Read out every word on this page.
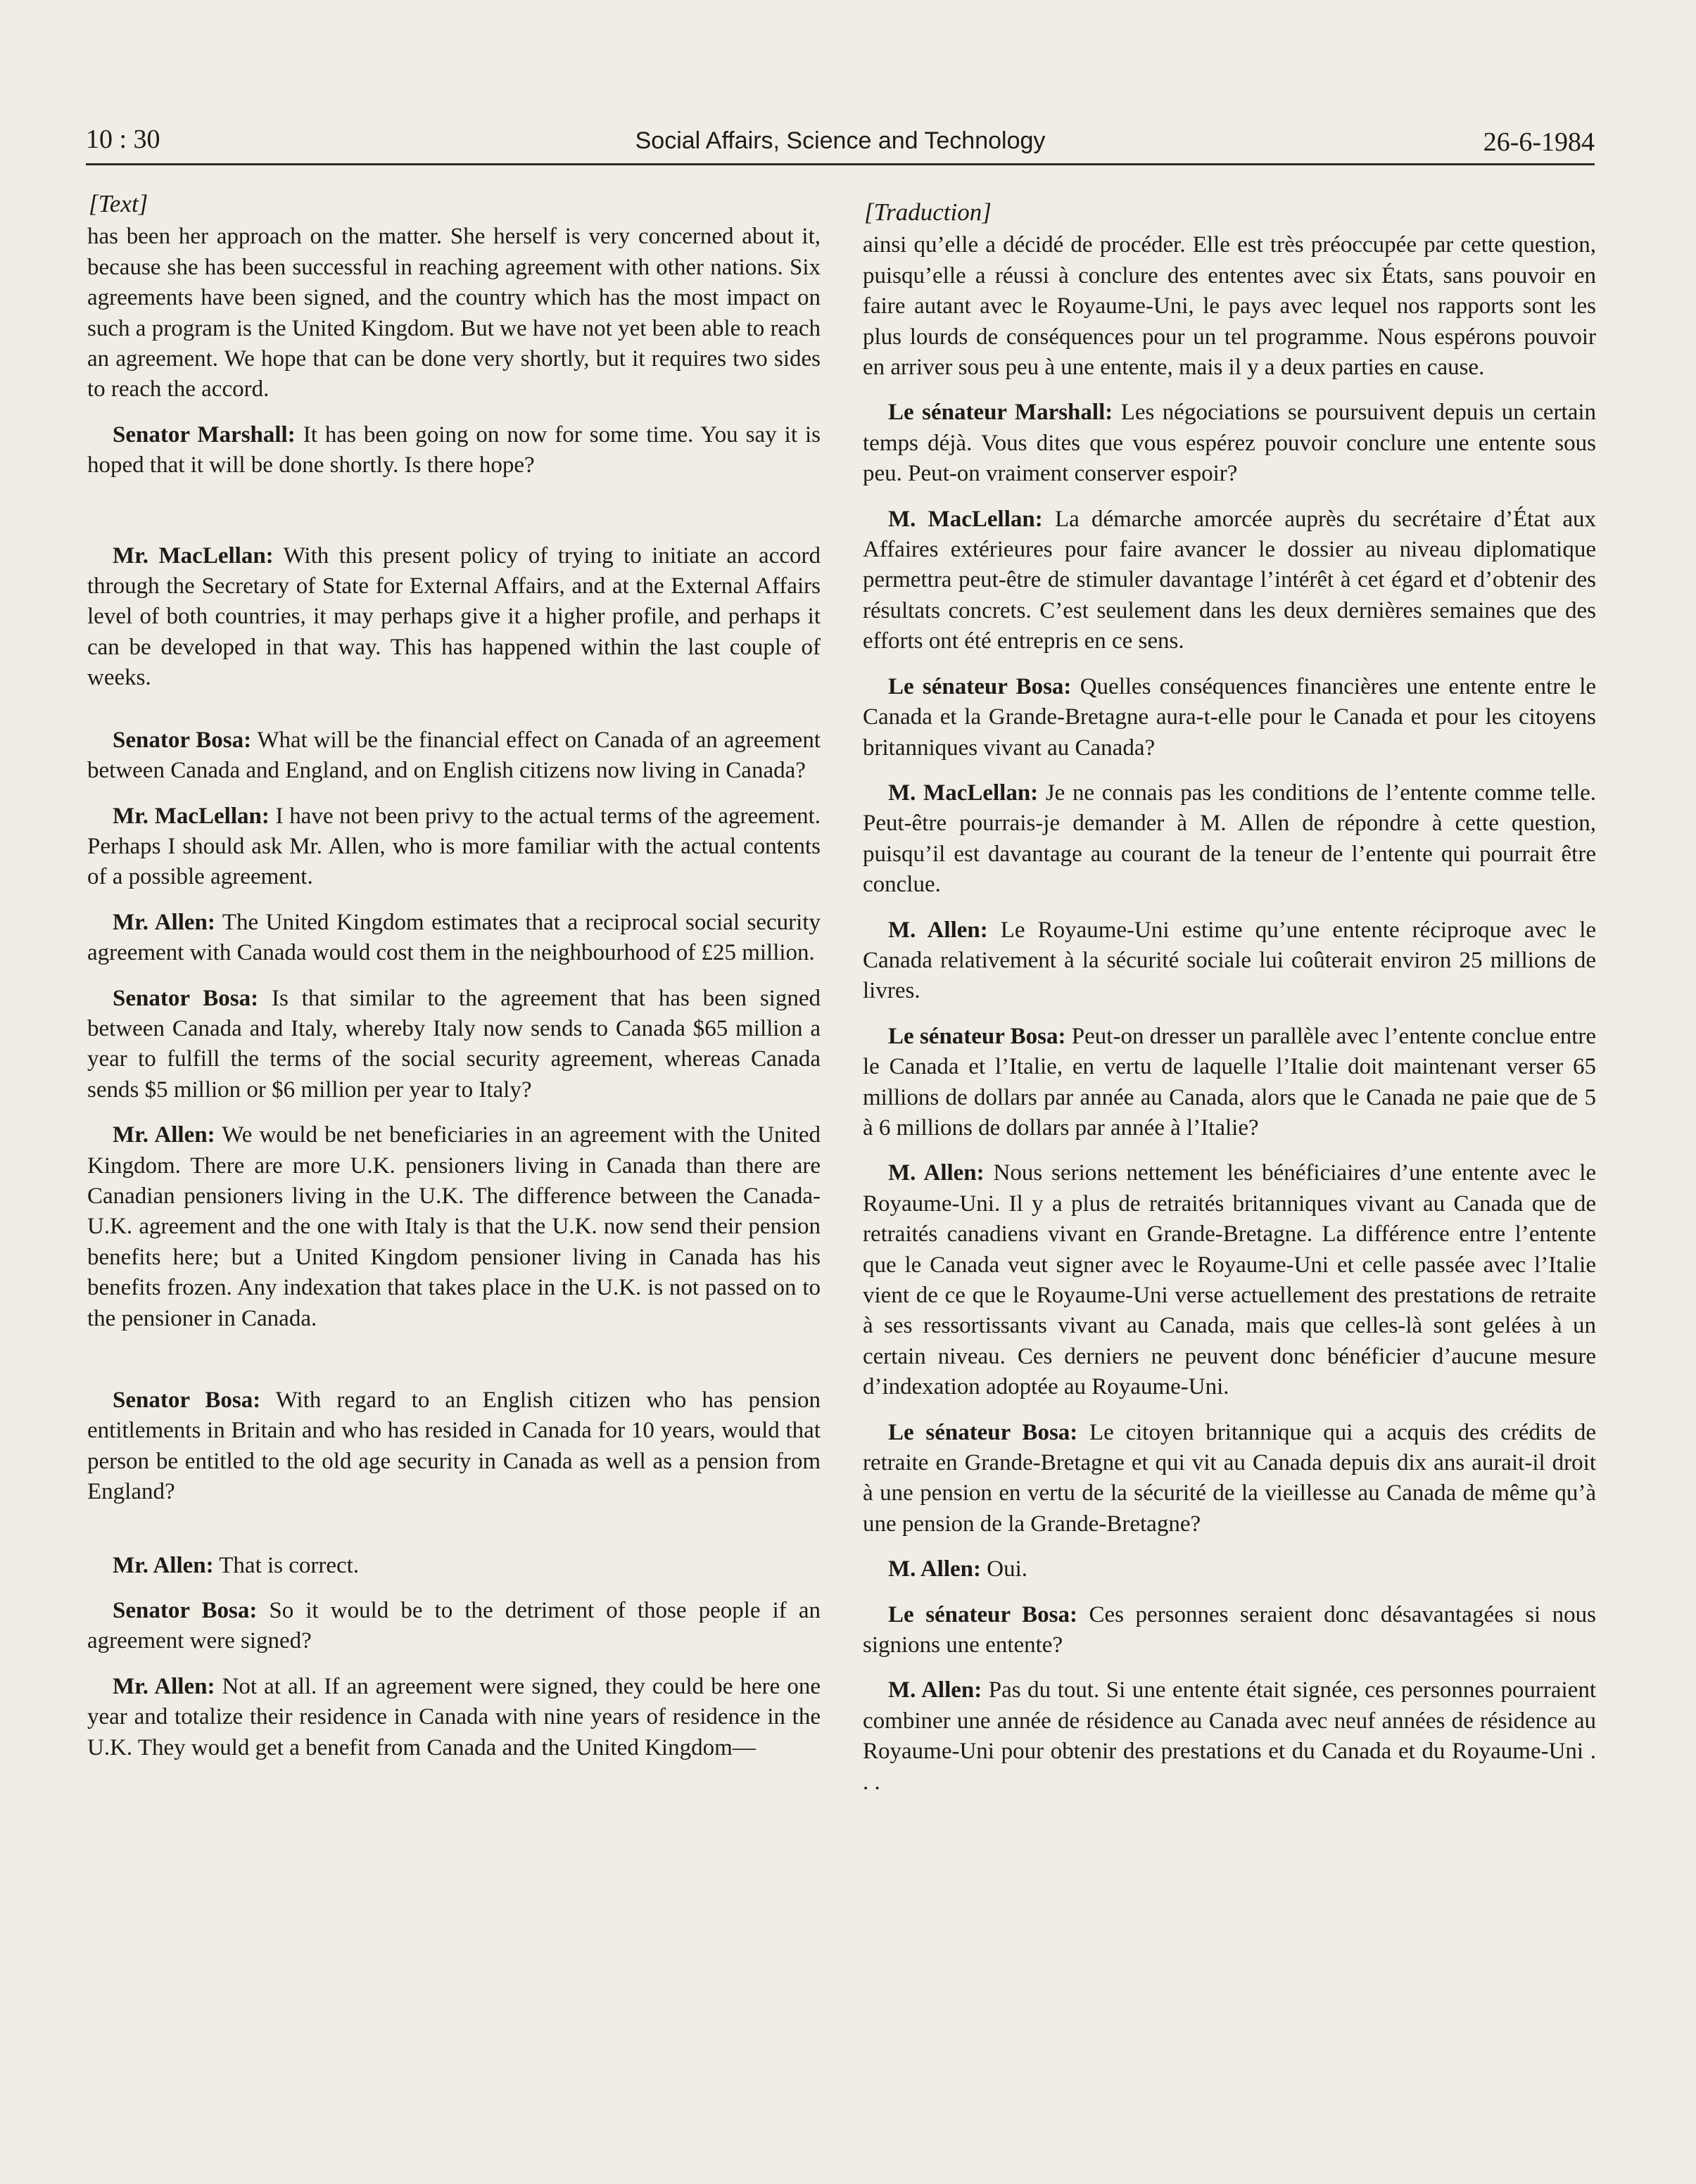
10 : 30	Social Affairs, Science and Technology	26-6-1984
[Text]

has been her approach on the matter. She herself is very concerned about it, because she has been successful in reaching agreement with other nations. Six agreements have been signed, and the country which has the most impact on such a program is the United Kingdom. But we have not yet been able to reach an agreement. We hope that can be done very shortly, but it requires two sides to reach the accord.

Senator Marshall: It has been going on now for some time. You say it is hoped that it will be done shortly. Is there hope?

Mr. MacLellan: With this present policy of trying to initiate an accord through the Secretary of State for External Affairs, and at the External Affairs level of both countries, it may perhaps give it a higher profile, and perhaps it can be developed in that way. This has happened within the last couple of weeks.

Senator Bosa: What will be the financial effect on Canada of an agreement between Canada and England, and on English citizens now living in Canada?

Mr. MacLellan: I have not been privy to the actual terms of the agreement. Perhaps I should ask Mr. Allen, who is more familiar with the actual contents of a possible agreement.

Mr. Allen: The United Kingdom estimates that a reciprocal social security agreement with Canada would cost them in the neighbourhood of £25 million.

Senator Bosa: Is that similar to the agreement that has been signed between Canada and Italy, whereby Italy now sends to Canada $65 million a year to fulfill the terms of the social security agreement, whereas Canada sends $5 million or $6 million per year to Italy?

Mr. Allen: We would be net beneficiaries in an agreement with the United Kingdom. There are more U.K. pensioners living in Canada than there are Canadian pensioners living in the U.K. The difference between the Canada-U.K. agreement and the one with Italy is that the U.K. now send their pension benefits here; but a United Kingdom pensioner living in Canada has his benefits frozen. Any indexation that takes place in the U.K. is not passed on to the pensioner in Canada.

Senator Bosa: With regard to an English citizen who has pension entitlements in Britain and who has resided in Canada for 10 years, would that person be entitled to the old age security in Canada as well as a pension from England?

Mr. Allen: That is correct.

Senator Bosa: So it would be to the detriment of those people if an agreement were signed?

Mr. Allen: Not at all. If an agreement were signed, they could be here one year and totalize their residence in Canada with nine years of residence in the U.K. They would get a benefit from Canada and the United Kingdom—

[Traduction]

ainsi qu’elle a décidé de procéder. Elle est très préoccupée par cette question, puisqu’elle a réussi à conclure des ententes avec six États, sans pouvoir en faire autant avec le Royaume-Uni, le pays avec lequel nos rapports sont les plus lourds de conséquences pour un tel programme. Nous espérons pouvoir en arriver sous peu à une entente, mais il y a deux parties en cause.

Le sénateur Marshall: Les négociations se poursuivent depuis un certain temps déjà. Vous dites que vous espérez pouvoir conclure une entente sous peu. Peut-on vraiment conserver espoir?

M. MacLellan: La démarche amorcée auprès du secrétaire d’État aux Affaires extérieures pour faire avancer le dossier au niveau diplomatique permettra peut-être de stimuler davantage l’intérêt à cet égard et d’obtenir des résultats concrets. C’est seulement dans les deux dernières semaines que des efforts ont été entrepris en ce sens.

Le sénateur Bosa: Quelles conséquences financières une entente entre le Canada et la Grande-Bretagne aura-t-elle pour le Canada et pour les citoyens britanniques vivant au Canada?

M. MacLellan: Je ne connais pas les conditions de l’entente comme telle. Peut-être pourrais-je demander à M. Allen de répondre à cette question, puisqu’il est davantage au courant de la teneur de l’entente qui pourrait être conclue.

M. Allen: Le Royaume-Uni estime qu’une entente réciproque avec le Canada relativement à la sécurité sociale lui coûterait environ 25 millions de livres.

Le sénateur Bosa: Peut-on dresser un parallèle avec l’entente conclue entre le Canada et l’Italie, en vertu de laquelle l’Italie doit maintenant verser 65 millions de dollars par année au Canada, alors que le Canada ne paie que de 5 à 6 millions de dollars par année à l’Italie?

M. Allen: Nous serions nettement les bénéficiaires d’une entente avec le Royaume-Uni. Il y a plus de retraités britanniques vivant au Canada que de retraités canadiens vivant en Grande-Bretagne. La différence entre l’entente que le Canada veut signer avec le Royaume-Uni et celle passée avec l’Italie vient de ce que le Royaume-Uni verse actuellement des prestations de retraite à ses ressortissants vivant au Canada, mais que celles-là sont gelées à un certain niveau. Ces derniers ne peuvent donc bénéficier d’aucune mesure d’indexation adoptée au Royaume-Uni.

Le sénateur Bosa: Le citoyen britannique qui a acquis des crédits de retraite en Grande-Bretagne et qui vit au Canada depuis dix ans aurait-il droit à une pension en vertu de la sécurité de la vieillesse au Canada de même qu’à une pension de la Grande-Bretagne?

M. Allen: Oui.

Le sénateur Bosa: Ces personnes seraient donc désavantagées si nous signions une entente?

M. Allen: Pas du tout. Si une entente était signée, ces personnes pourraient combiner une année de résidence au Canada avec neuf années de résidence au Royaume-Uni pour obtenir des prestations et du Canada et du Royaume-Uni . . .
